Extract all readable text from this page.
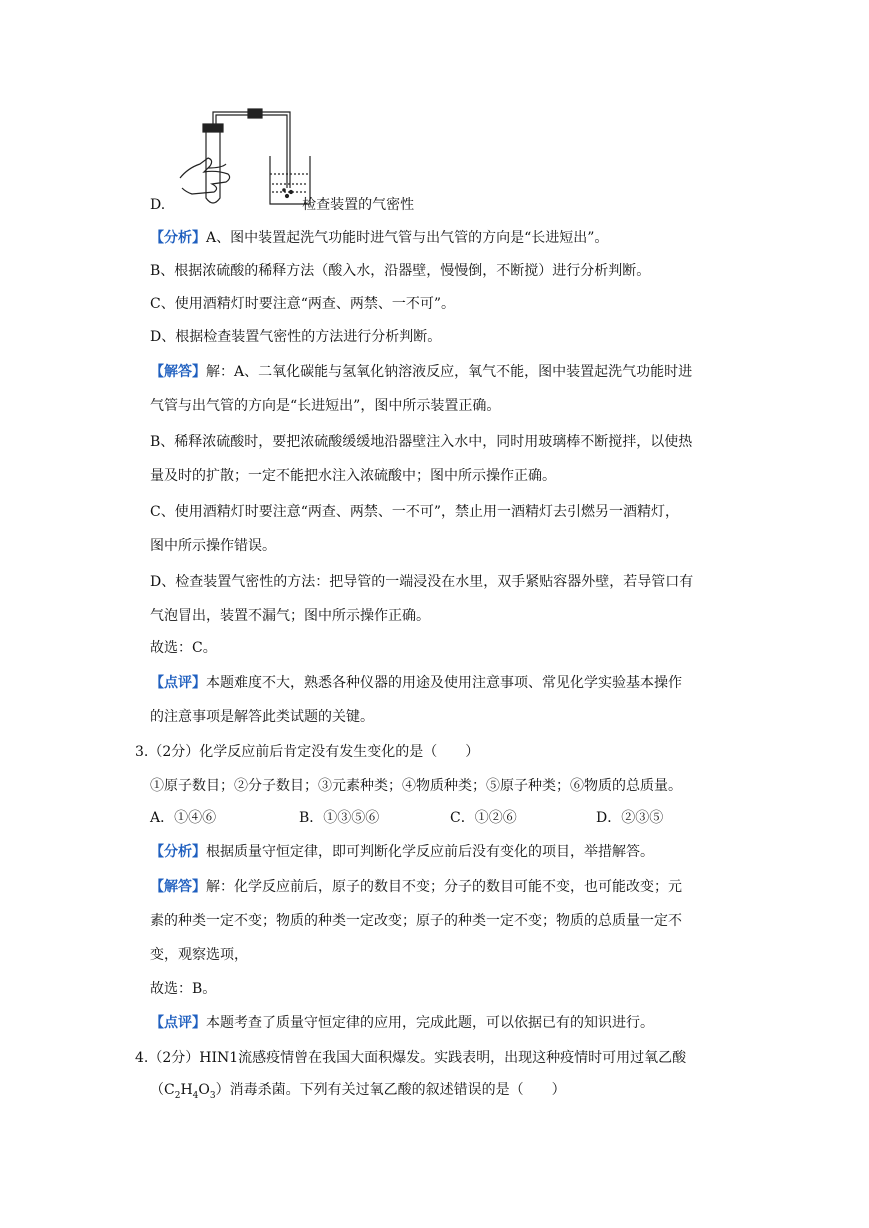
D.	检查装置的气密性
【分析】A、图中装置起洗气功能时进气管与出气管的方向是“长进短出”。
B、根据浓硫酸的稀释方法（酸入水，沿器壁，慢慢倒，不断搅）进行分析判断。
C、使用酒精灯时要注意“两查、两禁、一不可”。
D、根据检查装置气密性的方法进行分析判断。
【解答】解：A、二氧化碳能与氢氧化钠溶液反应，氧气不能，图中装置起洗气功能时进
气管与出气管的方向是“长进短出”，图中所示装置正确。
B、稀释浓硫酸时，要把浓硫酸缓缓地沿器壁注入水中，同时用玻璃棒不断搅拌，以使热
量及时的扩散；一定不能把水注入浓硫酸中；图中所示操作正确。
C、使用酒精灯时要注意“两查、两禁、一不可”，禁止用一酒精灯去引燃另一酒精灯，
图中所示操作错误。
D、检查装置气密性的方法：把导管的一端浸没在水里，双手紧贴容器外壁，若导管口有
气泡冒出，装置不漏气；图中所示操作正确。
故选：C。
【点评】本题难度不大，熟悉各种仪器的用途及使用注意事项、常见化学实验基本操作
的注意事项是解答此类试题的关键。
3.（2分）化学反应前后肯定没有发生变化的是（　　）
①原子数目；②分子数目；③元素种类；④物质种类；⑤原子种类；⑥物质的总质量。
A．①④⑥	B．①③⑤⑥	C．①②⑥	D．②③⑤
【分析】根据质量守恒定律，即可判断化学反应前后没有变化的项目，举措解答。
【解答】解：化学反应前后，原子的数目不变；分子的数目可能不变，也可能改变；元
素的种类一定不变；物质的种类一定改变；原子的种类一定不变；物质的总质量一定不
变，观察选项，
故选：B。
【点评】本题考查了质量守恒定律的应用，完成此题，可以依据已有的知识进行。
4.（2分）HIN1流感疫情曾在我国大面积爆发。实践表明，出现这种疫情时可用过氧乙酸
$(C_2H_4O_3)$消毒杀菌。下列有关过氧乙酸的叙述错误的是（　　）
